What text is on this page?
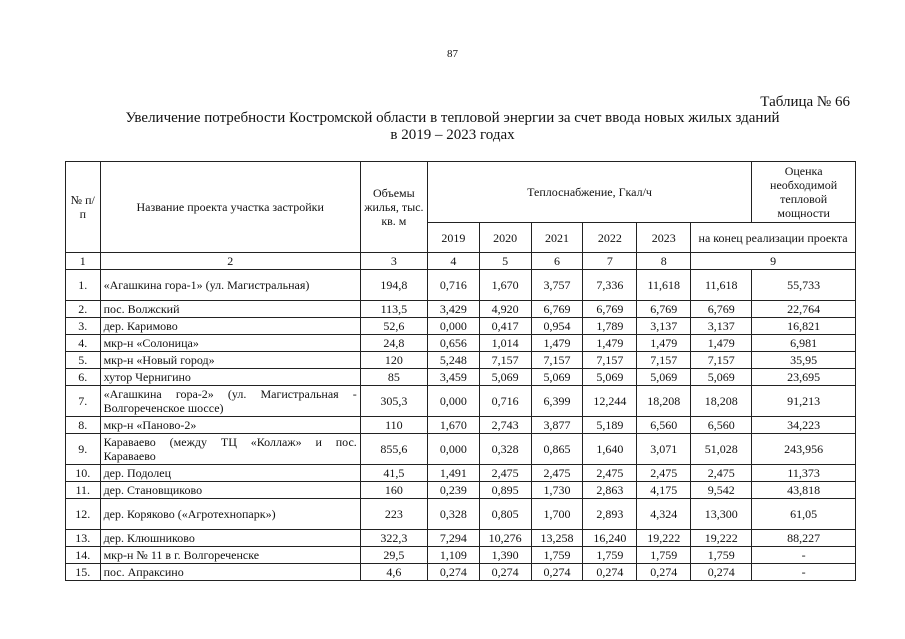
87
Таблица № 66
Увеличение потребности Костромской области в тепловой энергии за счет ввода новых жилых зданий
в 2019 – 2023 годах
№ п/п	Название проекта участка застройки	Объемы жилья, тыс. кв. м	Теплоснабжение, Гкал/ч						Оценка необходимой тепловой мощности
			2019	2020	2021	2022	2023	на конец реализации проекта	
1	2	3	4	5	6	7	8	9	
1.	«Агашкина гора-1» (ул. Магистральная)	194,8	0,716	1,670	3,757	7,336	11,618	11,618	55,733
2.	пос. Волжский	113,5	3,429	4,920	6,769	6,769	6,769	6,769	22,764
3.	дер. Каримово	52,6	0,000	0,417	0,954	1,789	3,137	3,137	16,821
4.	мкр-н «Солоница»	24,8	0,656	1,014	1,479	1,479	1,479	1,479	6,981
5.	мкр-н «Новый город»	120	5,248	7,157	7,157	7,157	7,157	7,157	35,95
6.	хутор Чернигино	85	3,459	5,069	5,069	5,069	5,069	5,069	23,695
7.	«Агашкина гора-2» (ул. Магистральная - Волгореченское шоссе)	305,3	0,000	0,716	6,399	12,244	18,208	18,208	91,213
8.	мкр-н «Паново-2»	110	1,670	2,743	3,877	5,189	6,560	6,560	34,223
9.	Караваево (между ТЦ «Коллаж» и пос. Караваево	855,6	0,000	0,328	0,865	1,640	3,071	51,028	243,956
10.	дер. Подолец	41,5	1,491	2,475	2,475	2,475	2,475	2,475	11,373
11.	дер. Становщиково	160	0,239	0,895	1,730	2,863	4,175	9,542	43,818
12.	дер. Коряково («Агротехнопарк»)	223	0,328	0,805	1,700	2,893	4,324	13,300	61,05
13.	дер. Клюшниково	322,3	7,294	10,276	13,258	16,240	19,222	19,222	88,227
14.	мкр-н № 11 в г. Волгореченске	29,5	1,109	1,390	1,759	1,759	1,759	1,759	-
15.	пос. Апраксино	4,6	0,274	0,274	0,274	0,274	0,274	0,274	-
